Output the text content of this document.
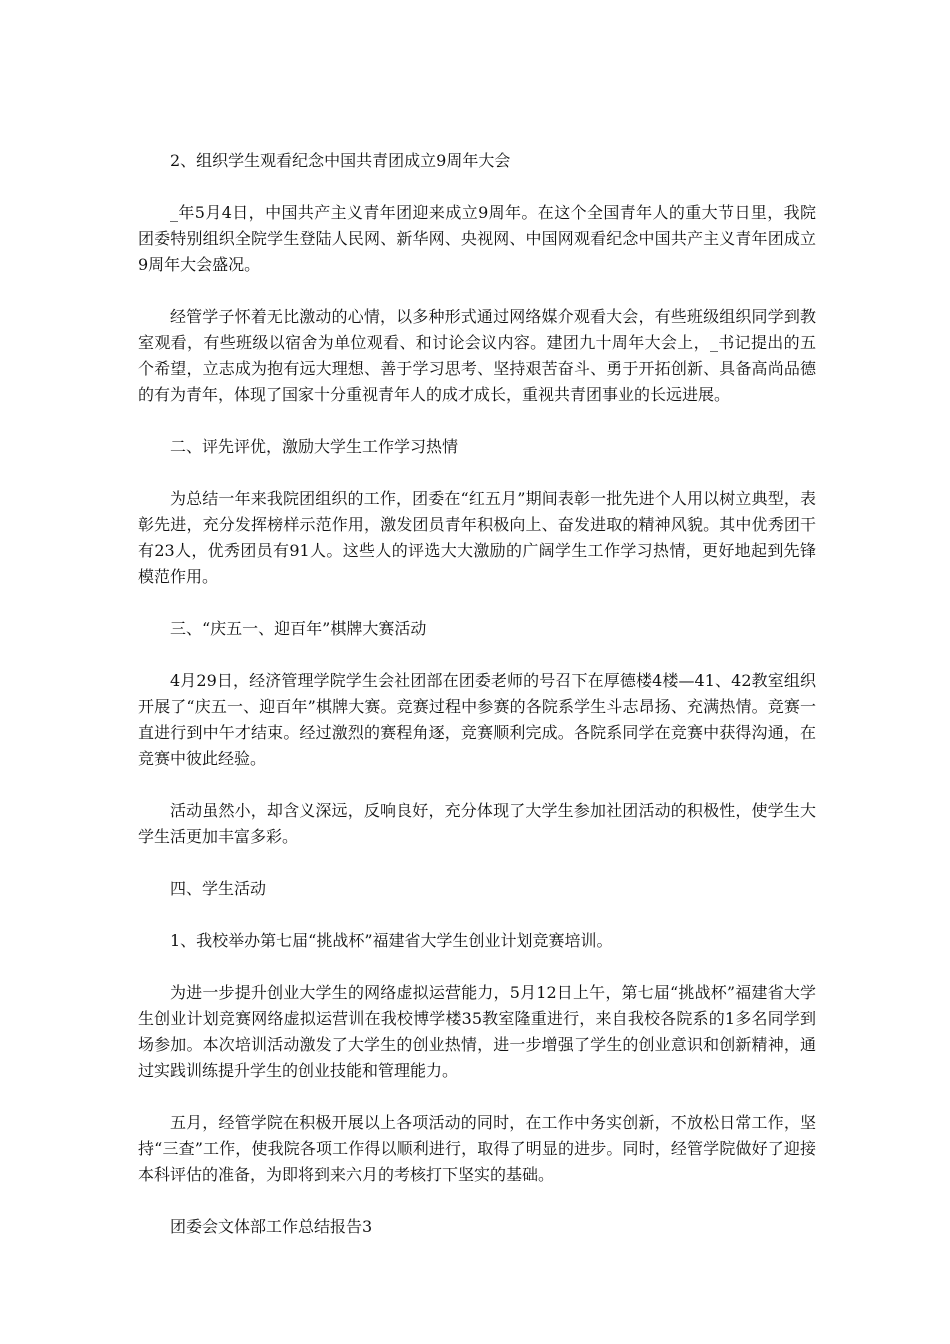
2、组织学生观看纪念中国共青团成立9周年大会

_年5月4日，中国共产主义青年团迎来成立9周年。在这个全国青年人的重大节日里，我院团委特别组织全院学生登陆人民网、新华网、央视网、中国网观看纪念中国共产主义青年团成立9周年大会盛况。

经管学子怀着无比激动的心情，以多种形式通过网络媒介观看大会，有些班级组织同学到教室观看，有些班级以宿舍为单位观看、和讨论会议内容。建团九十周年大会上，_书记提出的五个希望，立志成为抱有远大理想、善于学习思考、坚持艰苦奋斗、勇于开拓创新、具备高尚品德的有为青年，体现了国家十分重视青年人的成才成长，重视共青团事业的长远进展。

二、评先评优，激励大学生工作学习热情

为总结一年来我院团组织的工作，团委在“红五月”期间表彰一批先进个人用以树立典型，表彰先进，充分发挥榜样示范作用，激发团员青年积极向上、奋发进取的精神风貌。其中优秀团干有23人，优秀团员有91人。这些人的评选大大激励的广阔学生工作学习热情，更好地起到先锋模范作用。

三、“庆五一、迎百年”棋牌大赛活动

4月29日，经济管理学院学生会社团部在团委老师的号召下在厚德楼4楼—41、42教室组织开展了“庆五一、迎百年”棋牌大赛。竞赛过程中参赛的各院系学生斗志昂扬、充满热情。竞赛一直进行到中午才结束。经过激烈的赛程角逐，竞赛顺利完成。各院系同学在竞赛中获得沟通，在竞赛中彼此经验。

活动虽然小，却含义深远，反响良好，充分体现了大学生参加社团活动的积极性，使学生大学生活更加丰富多彩。

四、学生活动

1、我校举办第七届“挑战杯”福建省大学生创业计划竞赛培训。

为进一步提升创业大学生的网络虚拟运营能力，5月12日上午，第七届“挑战杯”福建省大学生创业计划竞赛网络虚拟运营训在我校博学楼35教室隆重进行，来自我校各院系的1多名同学到场参加。本次培训活动激发了大学生的创业热情，进一步增强了学生的创业意识和创新精神，通过实践训练提升学生的创业技能和管理能力。

五月，经管学院在积极开展以上各项活动的同时，在工作中务实创新，不放松日常工作，坚持“三查”工作，使我院各项工作得以顺利进行，取得了明显的进步。同时，经管学院做好了迎接本科评估的准备，为即将到来六月的考核打下坚实的基础。

团委会文体部工作总结报告3
